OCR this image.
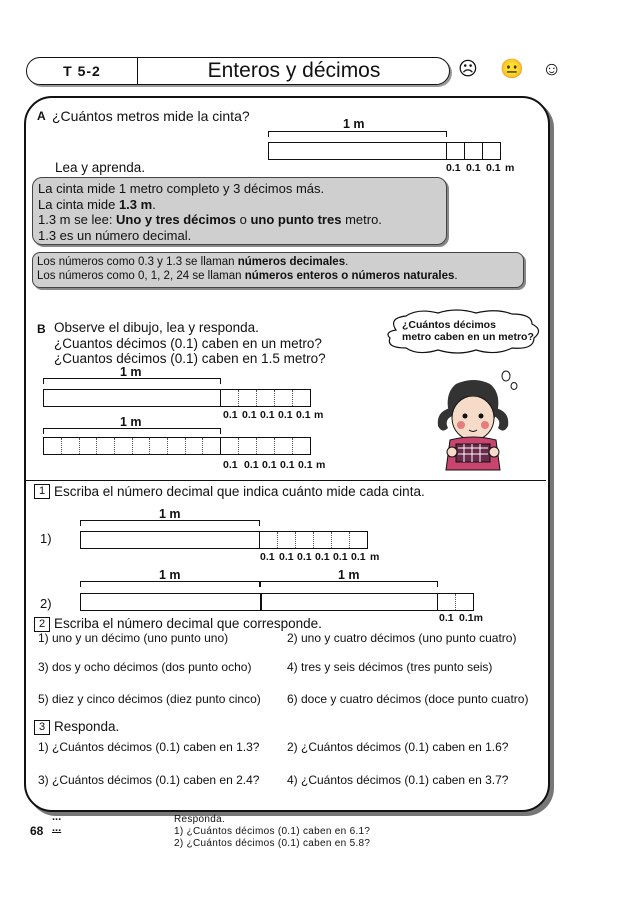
T 5-2	Enteros y décimos	☹ 😐 ☺
A ¿Cuántos metros mide la cinta?	1 m
0.1 0.1 0.1 m
Lea y aprenda.
La cinta mide 1 metro completo y 3 décimos más.
La cinta mide 1.3 m.
1.3 m se lee: Uno y tres décimos o uno punto tres metro.
1.3 es un número decimal.
Los números como 0.3 y 1.3 se llaman números decimales.
Los números como 0, 1, 2, 24 se llaman números enteros o números naturales.
B Observe el dibujo, lea y responda.
¿Cuantos décimos (0.1) caben en un metro?
¿Cuantos décimos (0.1) caben en 1.5 metro?
¿Cuántos décimos
metro caben en un metro?
1 m
0.1 0.1 0.1 0.1 0.1 m
1 m
0.1 0.1 0.1 0.1 0.1 m
1 Escriba el número decimal que indica cuánto mide cada cinta.
1)
1 m
0.1 0.1 0.1 0.1 0.1 0.1 m
2)
1 m	1 m
0.1 0.1m
2 Escriba el número decimal que corresponde.
1) uno y un décimo (uno punto uno)	2) uno y cuatro décimos (uno punto cuatro)
3) dos y ocho décimos (dos punto ocho)	4) tres y seis décimos (tres punto seis)
5) diez y cinco décimos (diez punto cinco) 6) doce y cuatro décimos (doce punto cuatro)
3 Responda.
1) ¿Cuántos décimos (0.1) caben en 1.3? 2) ¿Cuántos décimos (0.1) caben en 1.6?
3) ¿Cuántos décimos (0.1) caben en 2.4? 4) ¿Cuántos décimos (0.1) caben en 3.7?
...
68 ...
Responda.
1) ¿Cuántos décimos (0.1) caben en 6.1?
2) ¿Cuántos décimos (0.1) caben en 5.8?
